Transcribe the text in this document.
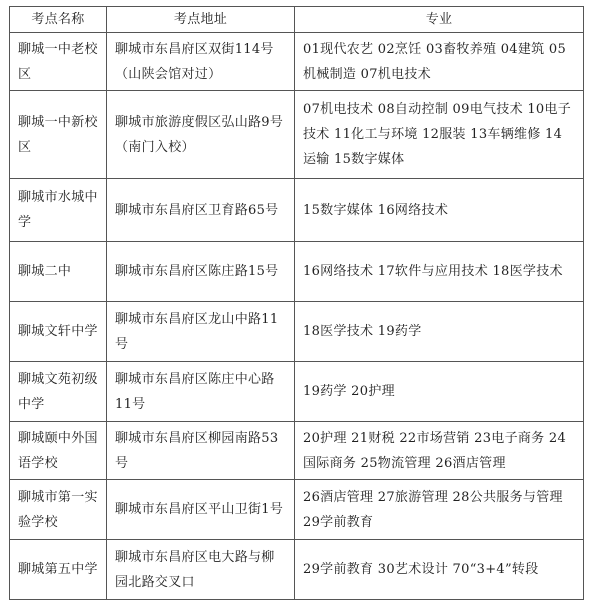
考点名称	考点地址	专业
聊城一中老校区	聊城市东昌府区双街114号（山陕会馆对过）	01现代农艺 02烹饪 03畜牧养殖 04建筑 05机械制造 07机电技术
聊城一中新校区	聊城市旅游度假区弘山路9号（南门入校）	07机电技术 08自动控制 09电气技术 10电子技术 11化工与环境 12服装 13车辆维修 14运输 15数字媒体
聊城市水城中学	聊城市东昌府区卫育路65号	15数字媒体 16网络技术
聊城二中	聊城市东昌府区陈庄路15号	16网络技术 17软件与应用技术 18医学技术
聊城文轩中学	聊城市东昌府区龙山中路11号	18医学技术 19药学
聊城文苑初级中学	聊城市东昌府区陈庄中心路11号	19药学 20护理
聊城颐中外国语学校	聊城市东昌府区柳园南路53号	20护理 21财税 22市场营销 23电子商务 24国际商务 25物流管理 26酒店管理
聊城市第一实验学校	聊城市东昌府区平山卫街1号	26酒店管理 27旅游管理 28公共服务与管理 29学前教育
聊城第五中学	聊城市东昌府区电大路与柳园北路交叉口	29学前教育 30艺术设计 70“3+4”转段
